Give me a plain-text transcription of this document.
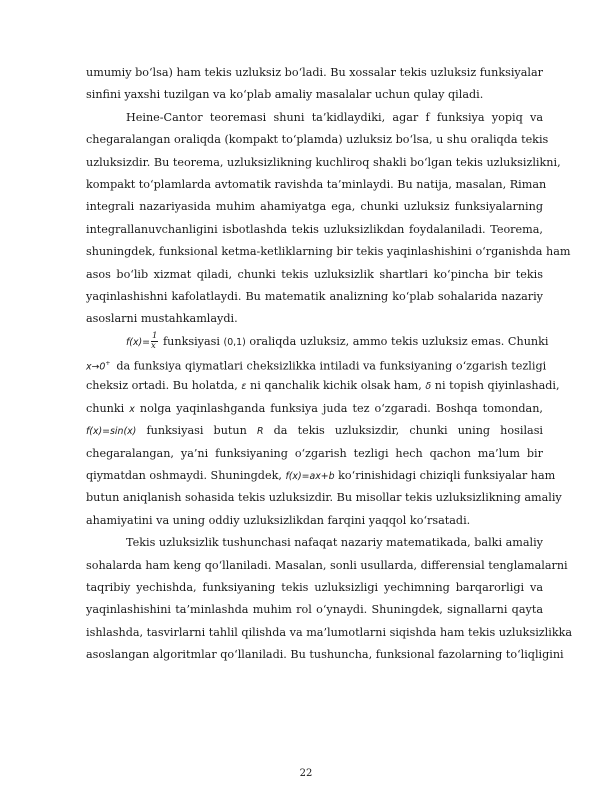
umumiy boʻlsa) ham tekis uzluksiz boʻladi. Bu xossalar tekis uzluksiz funksiyalar
sinfini yaxshi tuzilgan va koʻplab amaliy masalalar uchun qulay qiladi.
Heine-Cantor teoremasi shuni ta’kidlaydiki, agar f funksiya yopiq va
chegaralangan oraliqda (kompakt toʻplamda) uzluksiz boʻlsa, u shu oraliqda tekis
uzluksizdir. Bu teorema, uzluksizlikning kuchliroq shakli boʻlgan tekis uzluksizlikni,
kompakt toʻplamlarda avtomatik ravishda ta’minlaydi. Bu natija, masalan, Riman
integrali nazariyasida muhim ahamiyatga ega, chunki uzluksiz funksiyalarning
integrallanuvchanligini isbotlashda tekis uzluksizlikdan foydalaniladi. Teorema,
shuningdek, funksional ketma-ketliklarning bir tekis yaqinlashishini oʻrganishda ham
asos boʻlib xizmat qiladi, chunki tekis uzluksizlik shartlari koʻpincha bir tekis
yaqinlashishni kafolatlaydi. Bu matematik analizning koʻplab sohalarida nazariy
asoslarni mustahkamlaydi.
$f(x)= \frac{1}{x}$ funksiyasi (0,1) oraliqda uzluksiz, ammo tekis uzluksiz emas. Chunki
x→0+   da funksiya qiymatlari cheksizlikka intiladi va funksiyaning oʻzgarish tezligi
cheksiz ortadi. Bu holatda, ε ni qanchalik kichik olsak ham, δ ni topish qiyinlashadi,
chunki x nolga yaqinlashganda funksiya juda tez oʻzgaradi. Boshqa tomondan,
f(x)=sin(x) funksiyasi butun R da tekis uzluksizdir, chunki uning hosilasi
chegaralangan, ya’ni funksiyaning oʻzgarish tezligi hech qachon ma’lum bir
qiymatdan oshmaydi. Shuningdek, f(x)=ax+b koʻrinishidagi chiziqli funksiyalar ham
butun aniqlanish sohasida tekis uzluksizdir. Bu misollar tekis uzluksizlikning amaliy
ahamiyatini va uning oddiy uzluksizlikdan farqini yaqqol koʻrsatadi.
Tekis uzluksizlik tushunchasi nafaqat nazariy matematikada, balki amaliy
sohalarda ham keng qoʻllaniladi. Masalan, sonli usullarda, differensial tenglamalarni
taqribiy yechishda, funksiyaning tekis uzluksizligi yechimning barqarorligi va
yaqinlashishini ta’minlashda muhim rol oʻynaydi. Shuningdek, signallarni qayta
ishlashda, tasvirlarni tahlil qilishda va ma’lumotlarni siqishda ham tekis uzluksizlikka
asoslangan algoritmlar qoʻllaniladi. Bu tushuncha, funksional fazolarning toʻliqligini
22
